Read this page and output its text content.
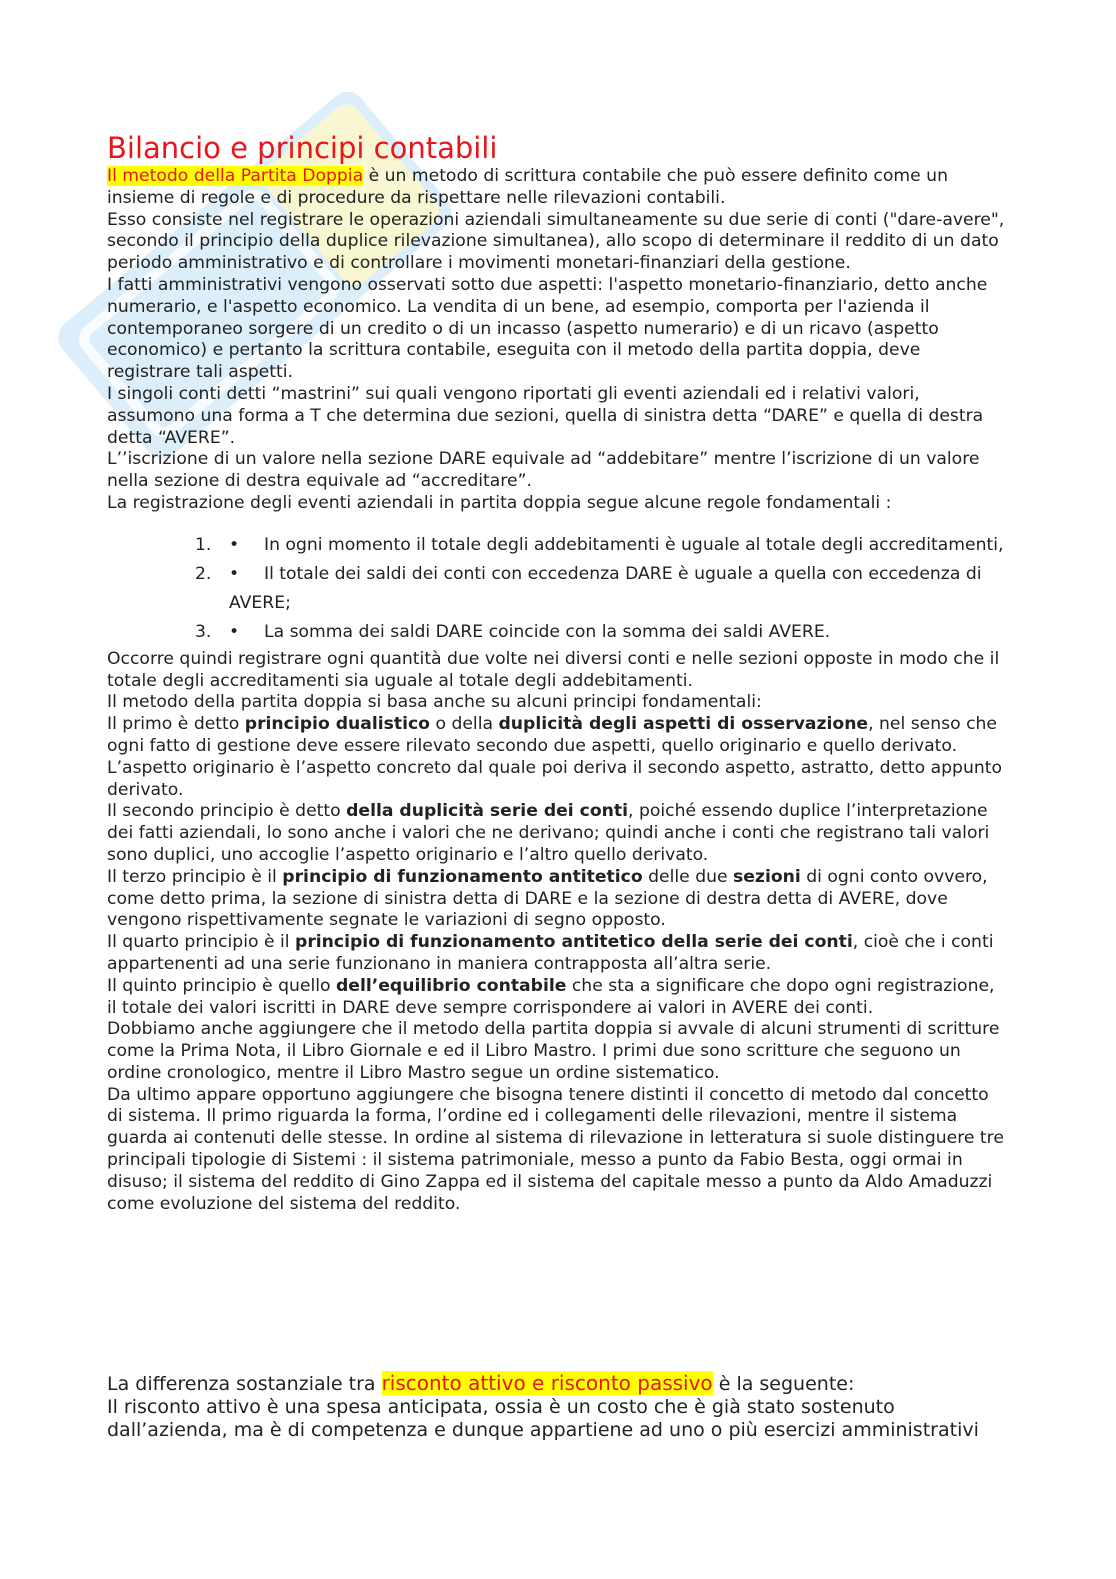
Bilancio e principi contabili

Il metodo della Partita Doppia è un metodo di scrittura contabile che può essere definito come un insieme di regole e di procedure da rispettare nelle rilevazioni contabili.

Esso consiste nel registrare le operazioni aziendali simultaneamente su due serie di conti ("dare-avere", secondo il principio della duplice rilevazione simultanea), allo scopo di determinare il reddito di un dato periodo amministrativo e di controllare i movimenti monetari-finanziari della gestione.

I fatti amministrativi vengono osservati sotto due aspetti: l'aspetto monetario-finanziario, detto anche numerario, e l'aspetto economico. La vendita di un bene, ad esempio, comporta per l'azienda il contemporaneo sorgere di un credito o di un incasso (aspetto numerario) e di un ricavo (aspetto economico) e pertanto la scrittura contabile, eseguita con il metodo della partita doppia, deve registrare tali aspetti.

I singoli conti detti “mastrini” sui quali vengono riportati gli eventi aziendali ed i relativi valori, assumono una forma a T che determina due sezioni, quella di sinistra detta “DARE” e quella di destra detta “AVERE”.

L’’iscrizione di un valore nella sezione DARE equivale ad “addebitare” mentre l’iscrizione di un valore nella sezione di destra equivale ad “accreditare”.

La registrazione degli eventi aziendali in partita doppia segue alcune regole fondamentali :

1. • In ogni momento il totale degli addebitamenti è uguale al totale degli accreditamenti,
2. • Il totale dei saldi dei conti con eccedenza DARE è uguale a quella con eccedenza di AVERE;
3. • La somma dei saldi DARE coincide con la somma dei saldi AVERE.

Occorre quindi registrare ogni quantità due volte nei diversi conti e nelle sezioni opposte in modo che il totale degli accreditamenti sia uguale al totale degli addebitamenti.

Il metodo della partita doppia si basa anche su alcuni principi fondamentali:

Il primo è detto principio dualistico o della duplicità degli aspetti di osservazione, nel senso che ogni fatto di gestione deve essere rilevato secondo due aspetti, quello originario e quello derivato.

L’aspetto originario è l’aspetto concreto dal quale poi deriva il secondo aspetto, astratto, detto appunto derivato.

Il secondo principio è detto della duplicità serie dei conti, poiché essendo duplice l’interpretazione dei fatti aziendali, lo sono anche i valori che ne derivano; quindi anche i conti che registrano tali valori sono duplici, uno accoglie l’aspetto originario e l’altro quello derivato.

Il terzo principio è il principio di funzionamento antitetico delle due sezioni di ogni conto ovvero, come detto prima, la sezione di sinistra detta di DARE e la sezione di destra detta di AVERE, dove vengono rispettivamente segnate le variazioni di segno opposto.

Il quarto principio è il principio di funzionamento antitetico della serie dei conti, cioè che i conti appartenenti ad una serie funzionano in maniera contrapposta all’altra serie.

Il quinto principio è quello dell’equilibrio contabile che sta a significare che dopo ogni registrazione, il totale dei valori iscritti in DARE deve sempre corrispondere ai valori in AVERE dei conti.

Dobbiamo anche aggiungere che il metodo della partita doppia si avvale di alcuni strumenti di scritture come la Prima Nota, il Libro Giornale e ed il Libro Mastro. I primi due sono scritture che seguono un ordine cronologico, mentre il Libro Mastro segue un ordine sistematico.

Da ultimo appare opportuno aggiungere che bisogna tenere distinti il concetto di metodo dal concetto di sistema. Il primo riguarda la forma, l’ordine ed i collegamenti delle rilevazioni, mentre il sistema guarda ai contenuti delle stesse. In ordine al sistema di rilevazione in letteratura si suole distinguere tre principali tipologie di Sistemi : il sistema patrimoniale, messo a punto da Fabio Besta, oggi ormai in disuso; il sistema del reddito di Gino Zappa ed il sistema del capitale messo a punto da Aldo Amaduzzi come evoluzione del sistema del reddito.

La differenza sostanziale tra risconto attivo e risconto passivo è la seguente:

Il risconto attivo è una spesa anticipata, ossia è un costo che è già stato sostenuto dall’azienda, ma è di competenza e dunque appartiene ad uno o più esercizi amministrativi
